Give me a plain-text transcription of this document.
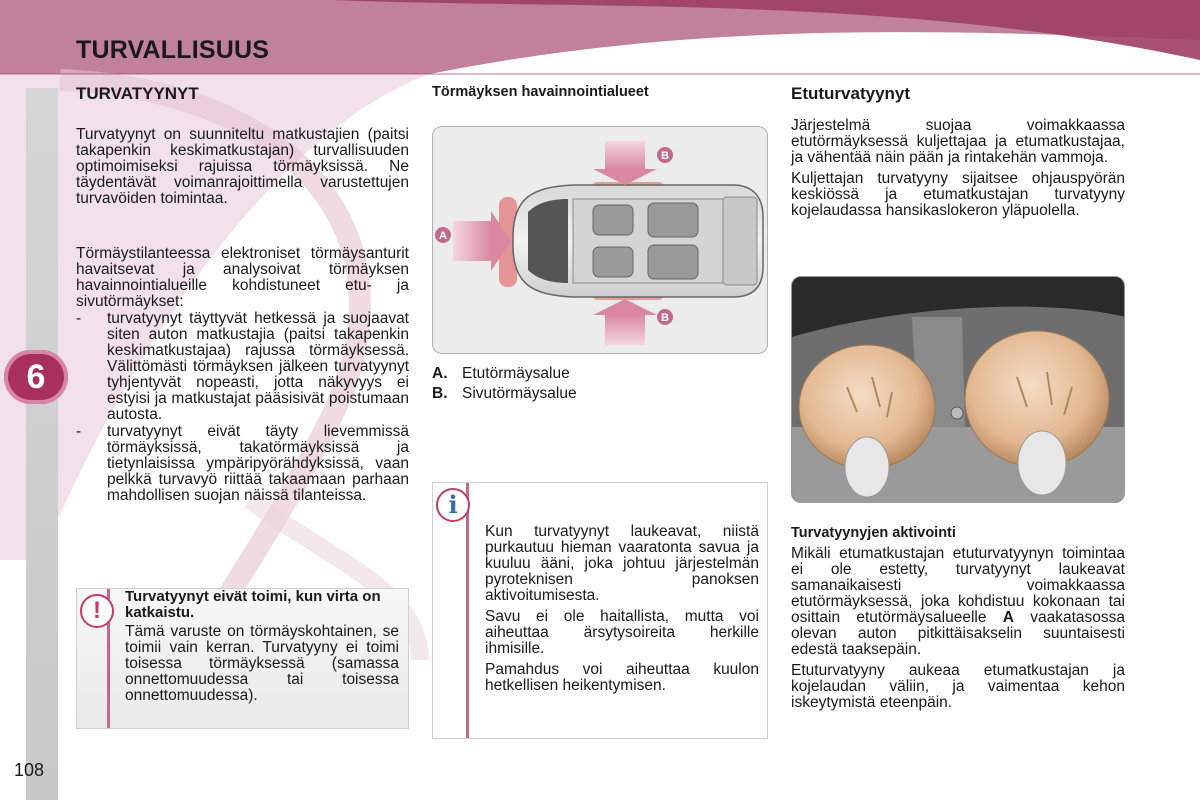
TURVALLISUUS
6
108
TURVATYYNYT

Turvatyynyt on suunniteltu matkustajien (paitsi takapenkin keskimatkustajan) turvallisuuden optimoimiseksi rajuissa törmäyksissä. Ne täydentävät voimanrajoittimella varustettujen turvavöiden toimintaa.

Törmäystilanteessa elektroniset törmäysanturit havaitsevat ja analysoivat törmäyksen havainnointialueille kohdistuneet etu- ja sivutörmäykset:

- turvatyynyt täyttyvät hetkessä ja suojaavat siten auton matkustajia (paitsi takapenkin keskimatkustajaa) rajussa törmäyksessä. Välittömästi törmäyksen jälkeen turvatyynyt tyhjentyvät nopeasti, jotta näkyvyys ei estyisi ja matkustajat pääsisivät poistumaan autosta.
- turvatyynyt eivät täyty lievemmissä törmäyksissä, takatörmäyksissä ja tietynlaisissa ympäripyörähdyksissä, vaan pelkkä turvavyö riittää takaamaan parhaan mahdollisen suojan näissä tilanteissa.
!
Turvatyynyt eivät toimi, kun virta on katkaistu.

Tämä varuste on törmäyskohtainen, se toimii vain kerran. Turvatyyny ei toimi toisessa törmäyksessä (samassa onnettomuudessa tai toisessa onnettomuudessa).

Törmäyksen havainnointialueet
A
B
B
A. Etutörmäysalue
B. Sivutörmäysalue
i

Kun turvatyynyt laukeavat, niistä purkautuu hieman vaaratonta savua ja kuuluu ääni, joka johtuu järjestelmän pyroteknisen panoksen aktivoitumisesta.

Savu ei ole haitallista, mutta voi aiheuttaa ärsytysoireita herkille ihmisille.

Pamahdus voi aiheuttaa kuulon hetkellisen heikentymisen.

Etuturvatyynyt

Järjestelmä suojaa voimakkaassa etutörmäyksessä kuljettajaa ja etumatkustajaa, ja vähentää näin pään ja rintakehän vammoja.

Kuljettajan turvatyyny sijaitsee ohjauspyörän keskiössä ja etumatkustajan turvatyyny kojelaudassa hansikaslokeron yläpuolella.

Turvatyynyjen aktivointi

Mikäli etumatkustajan etuturvatyynyn toimintaa ei ole estetty, turvatyynyt laukeavat samanaikaisesti voimakkaassa etutörmäyksessä, joka kohdistuu kokonaan tai osittain etutörmäysalueelle A vaakatasossa olevan auton pitkittäisakselin suuntaisesti edestä taaksepäin.

Etuturvatyyny aukeaa etumatkustajan ja kojelaudan väliin, ja vaimentaa kehon iskeytymistä eteenpäin.
